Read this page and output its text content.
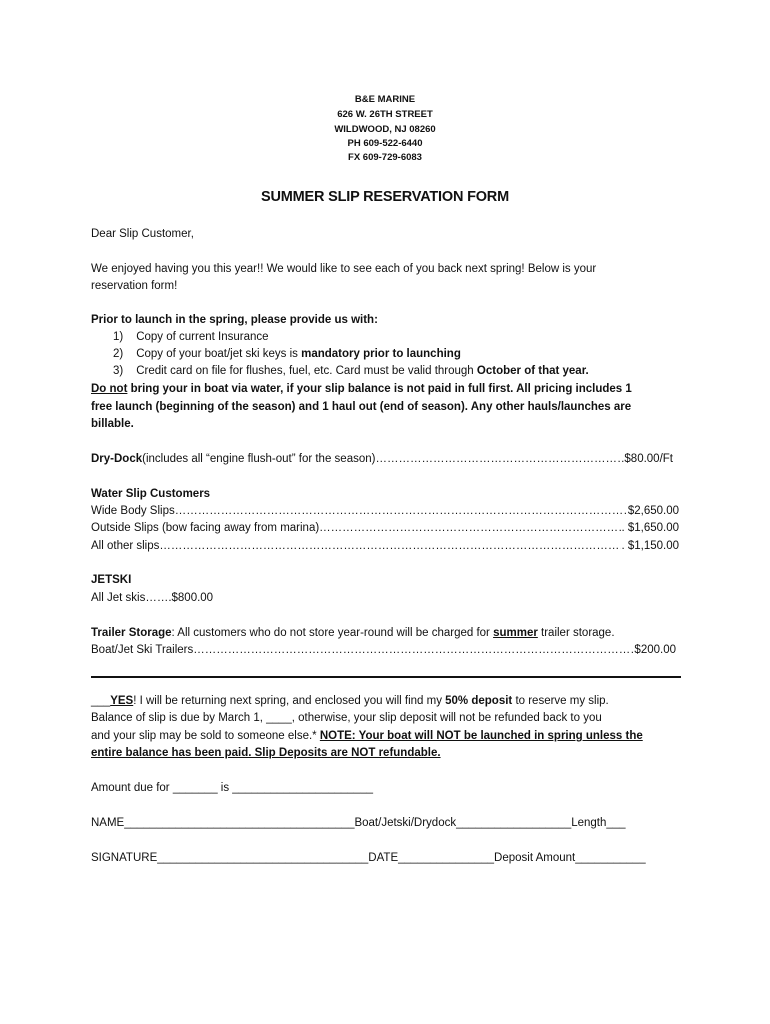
B&E MARINE
626 W. 26TH STREET
WILDWOOD, NJ 08260
PH 609-522-6440
FX 609-729-6083
SUMMER SLIP RESERVATION FORM
Dear Slip Customer,
We enjoyed having you this year!! We would like to see each of you back next spring! Below is your
reservation form!
Prior to launch in the spring, please provide us with:
1) Copy of current Insurance
2) Copy of your boat/jet ski keys is mandatory prior to launching
3) Credit card on file for flushes, fuel, etc. Card must be valid through October of that year.
Do not bring your in boat via water, if your slip balance is not paid in full first. All pricing includes 1
free launch (beginning of the season) and 1 haul out (end of season). Any other hauls/launches are
billable.
Dry-Dock (includes all “engine flush-out” for the season) ………………………………………………………………………………………………………………………………………………………………	$80.00/Ft
Water Slip Customers
Wide Body Slips ………………………………………………………………………………………………………………………………………………………………	$2,650.00
Outside Slips (bow facing away from marina) ………………………………………………………………………………………………………………………………………………………………	. $1,650.00
All other slips ………………………………………………………………………………………………………………………………………………………………	. $1,150.00
JETSKI
All Jet skis…….$800.00
Trailer Storage: All customers who do not store year-round will be charged for summer trailer storage.
Boat/Jet Ski Trailers ………………………………………………………………………………………………………………………………………………………………	$200.00
___YES! I will be returning next spring, and enclosed you will find my 50% deposit to reserve my slip.
Balance of slip is due by March 1, ____, otherwise, your slip deposit will not be refunded back to you
and your slip may be sold to someone else.* NOTE: Your boat will NOT be launched in spring unless the
entire balance has been paid. Slip Deposits are NOT refundable.
Amount due for _______ is ______________________
NAME____________________________________Boat/Jetski/Drydock__________________Length___
SIGNATURE_________________________________DATE_______________Deposit Amount___________
